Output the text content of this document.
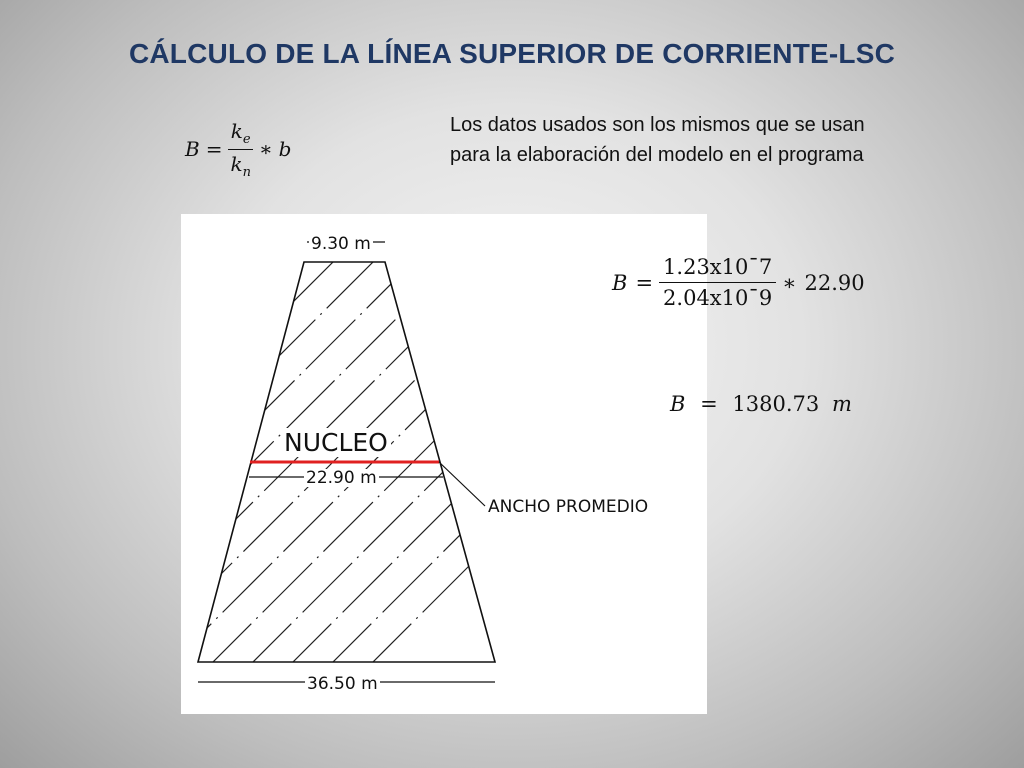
CÁLCULO DE LA LÍNEA SUPERIOR DE CORRIENTE-LSC
$B = \frac{k_e}{k_n}$ ∗ b
Los datos usados son los mismos que se usan
para la elaboración del modelo en el programa
9.30 m
NUCLEO
22.90 m
ANCHO PROMEDIO
36.50 m
$B = \frac{1.23x10¯7}{2.04x10¯9}$ ∗ 22.90
B = 1380.73 m
